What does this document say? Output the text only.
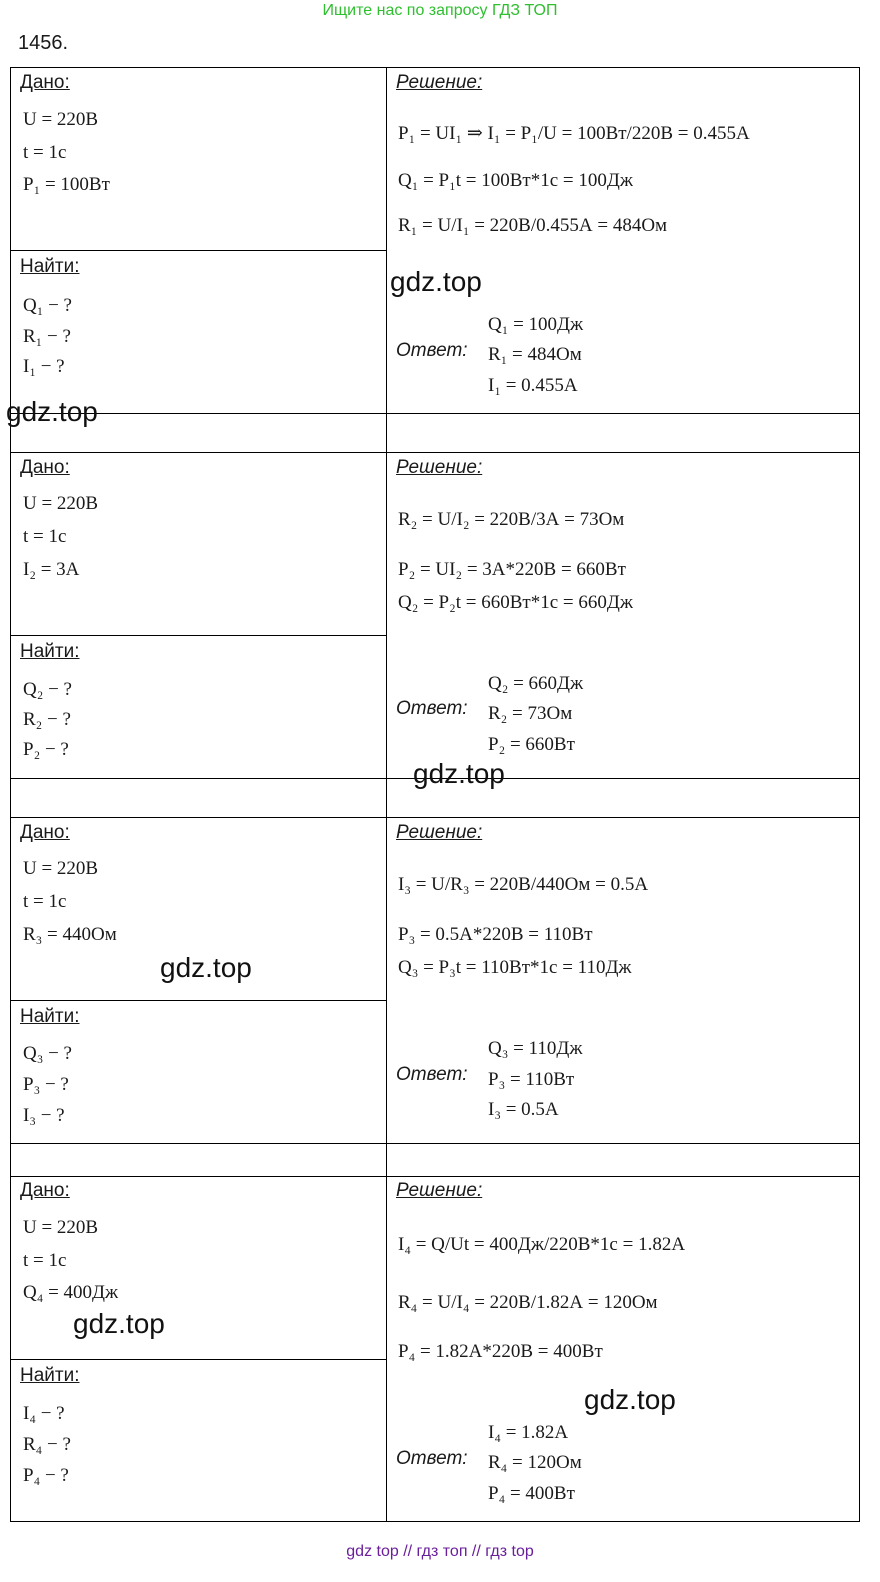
Ищите нас по запросу ГДЗ ТОП
1456.
Дано:
U = 220В
t = 1с
P₁ = 100Вт
Найти:
Q₁ − ?
R₁ − ?
I₁ − ?
Решение:
P₁ = UI₁ ⇒ I₁ = P₁/U = 100Вт/220В = 0.455А
Q₁ = P₁t = 100Вт*1с = 100Дж
R₁ = U/I₁ = 220В/0.455А = 484Ом
Ответ:
Q₁ = 100Дж
R₁ = 484Ом
I₁ = 0.455А
Дано:
U = 220В
t = 1с
I₂ = 3А
Найти:
Q₂ − ?
R₂ − ?
P₂ − ?
Решение:
R₂ = U/I₂ = 220В/3А = 73Ом
P₂ = UI₂ = 3А*220В = 660Вт
Q₂ = P₂t = 660Вт*1с = 660Дж
Ответ:
Q₂ = 660Дж
R₂ = 73Ом
P₂ = 660Вт
Дано:
U = 220В
t = 1с
R₃ = 440Ом
Найти:
Q₃ − ?
P₃ − ?
I₃ − ?
Решение:
I₃ = U/R₃ = 220В/440Ом = 0.5А
P₃ = 0.5А*220В = 110Вт
Q₃ = P₃t = 110Вт*1с = 110Дж
Ответ:
Q₃ = 110Дж
P₃ = 110Вт
I₃ = 0.5А
Дано:
U = 220В
t = 1с
Q₄ = 400Дж
Найти:
I₄ − ?
R₄ − ?
P₄ − ?
Решение:
I₄ = Q/Ut = 400Дж/220В*1с = 1.82А
R₄ = U/I₄ = 220В/1.82А = 120Ом
P₄ = 1.82А*220В = 400Вт
Ответ:
I₄ = 1.82А
R₄ = 120Ом
P₄ = 400Вт
gdz.top
gdz.top
gdz.top
gdz.top
gdz.top
gdz.top
gdz top // гдз топ // гдз top
